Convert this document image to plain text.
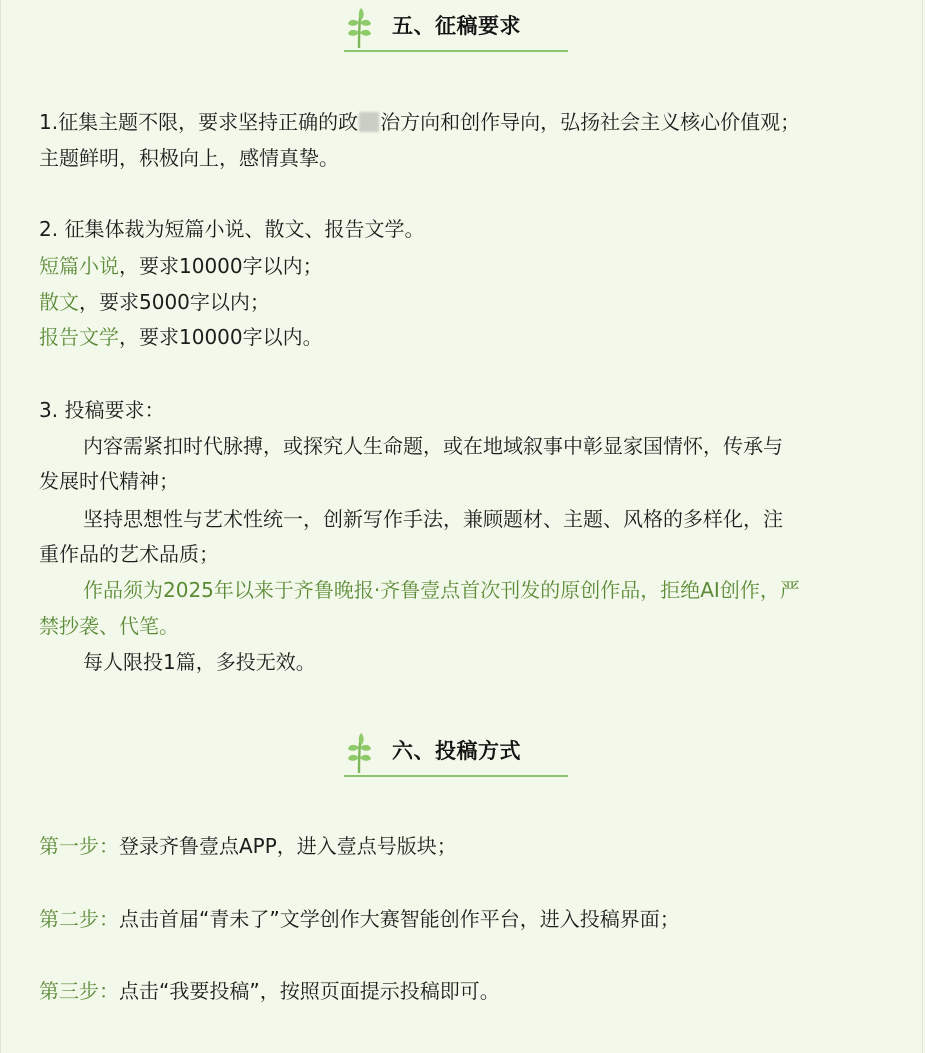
五、征稿要求
1.征集主题不限，要求坚持正确的政 治方向和创作导向，弘扬社会主义核心价值观；
主题鲜明，积极向上，感情真挚。
2. 征集体裁为短篇小说、散文、报告文学。
短篇小说，要求10000字以内；
散文，要求5000字以内；
报告文学，要求10000字以内。
3. 投稿要求：
内容需紧扣时代脉搏，或探究人生命题，或在地域叙事中彰显家国情怀，传承与
发展时代精神；
坚持思想性与艺术性统一，创新写作手法，兼顾题材、主题、风格的多样化，注
重作品的艺术品质；
作品须为2025年以来于齐鲁晚报·齐鲁壹点首次刊发的原创作品，拒绝AI创作，严
禁抄袭、代笔。
每人限投1篇，多投无效。
六、投稿方式
第一步：登录齐鲁壹点APP，进入壹点号版块；
第二步：点击首届“青未了”文学创作大赛智能创作平台，进入投稿界面；
第三步：点击“我要投稿”，按照页面提示投稿即可。
